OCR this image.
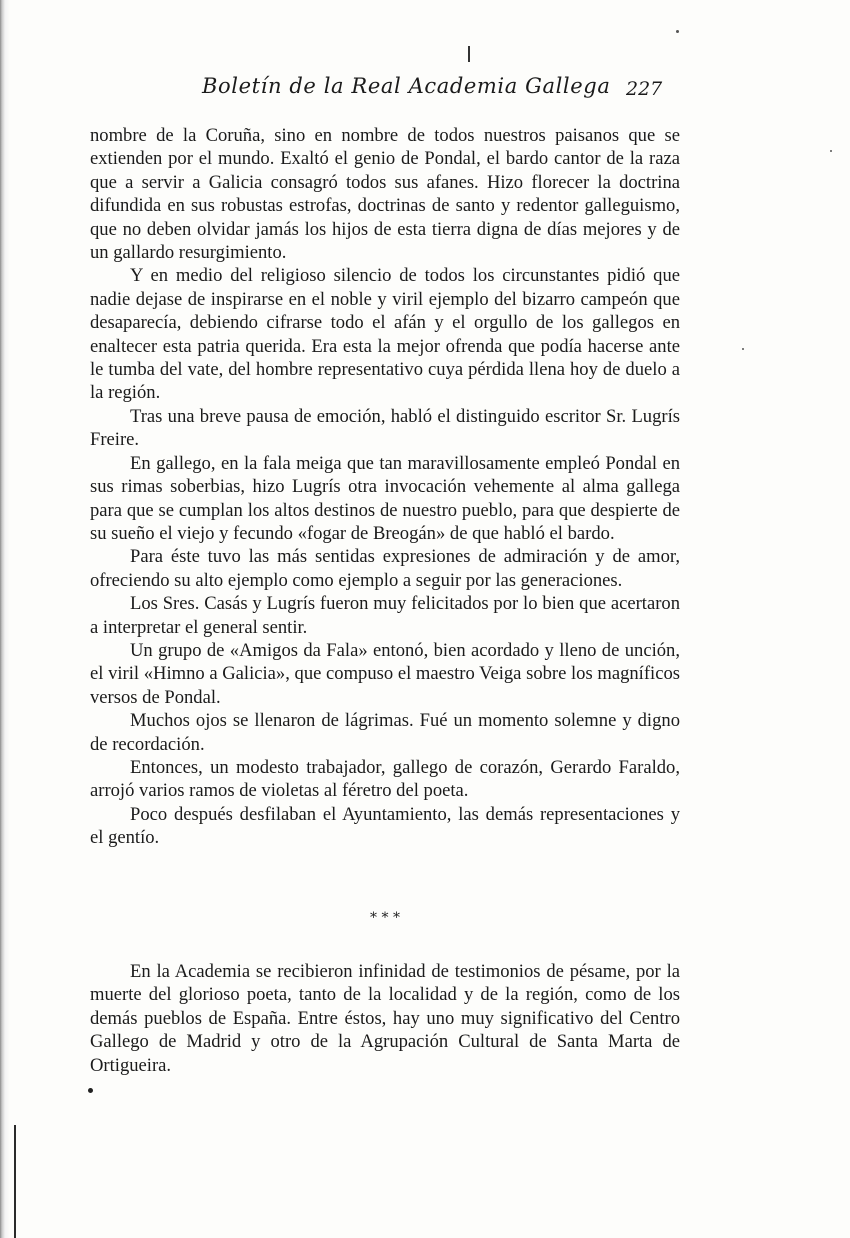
Boletín de la Real Academia Gallega 227

nombre de la Coruña, sino en nombre de todos nuestros paisanos que se extienden por el mundo. Exaltó el genio de Pondal, el bardo cantor de la raza que a servir a Galicia consagró todos sus afanes. Hizo florecer la doctrina difundida en sus robustas estrofas, doctrinas de santo y redentor galleguismo, que no deben olvidar jamás los hijos de esta tierra digna de días mejores y de un gallardo resurgimiento.

Y en medio del religioso silencio de todos los circunstantes pidió que nadie dejase de inspirarse en el noble y viril ejemplo del bizarro campeón que desaparecía, debiendo cifrarse todo el afán y el orgullo de los gallegos en enaltecer esta patria querida. Era esta la mejor ofrenda que podía hacerse ante le tumba del vate, del hombre representativo cuya pérdida llena hoy de duelo a la región.

Tras una breve pausa de emoción, habló el distinguido escritor Sr. Lugrís Freire.

En gallego, en la fala meiga que tan maravillosamente empleó Pondal en sus rimas soberbias, hizo Lugrís otra invocación vehemente al alma gallega para que se cumplan los altos destinos de nuestro pueblo, para que despierte de su sueño el viejo y fecundo «fogar de Breogán» de que habló el bardo.

Para éste tuvo las más sentidas expresiones de admiración y de amor, ofreciendo su alto ejemplo como ejemplo a seguir por las generaciones.

Los Sres. Casás y Lugrís fueron muy felicitados por lo bien que acertaron a interpretar el general sentir.

Un grupo de «Amigos da Fala» entonó, bien acordado y lleno de unción, el viril «Himno a Galicia», que compuso el maestro Veiga sobre los magníficos versos de Pondal.

Muchos ojos se llenaron de lágrimas. Fué un momento solemne y digno de recordación.

Entonces, un modesto trabajador, gallego de corazón, Gerardo Faraldo, arrojó varios ramos de violetas al féretro del poeta.

Poco después desfilaban el Ayuntamiento, las demás representaciones y el gentío.

* * *

En la Academia se recibieron infinidad de testimonios de pésame, por la muerte del glorioso poeta, tanto de la localidad y de la región, como de los demás pueblos de España. Entre éstos, hay uno muy significativo del Centro Gallego de Madrid y otro de la Agrupación Cultural de Santa Marta de Ortigueira.
